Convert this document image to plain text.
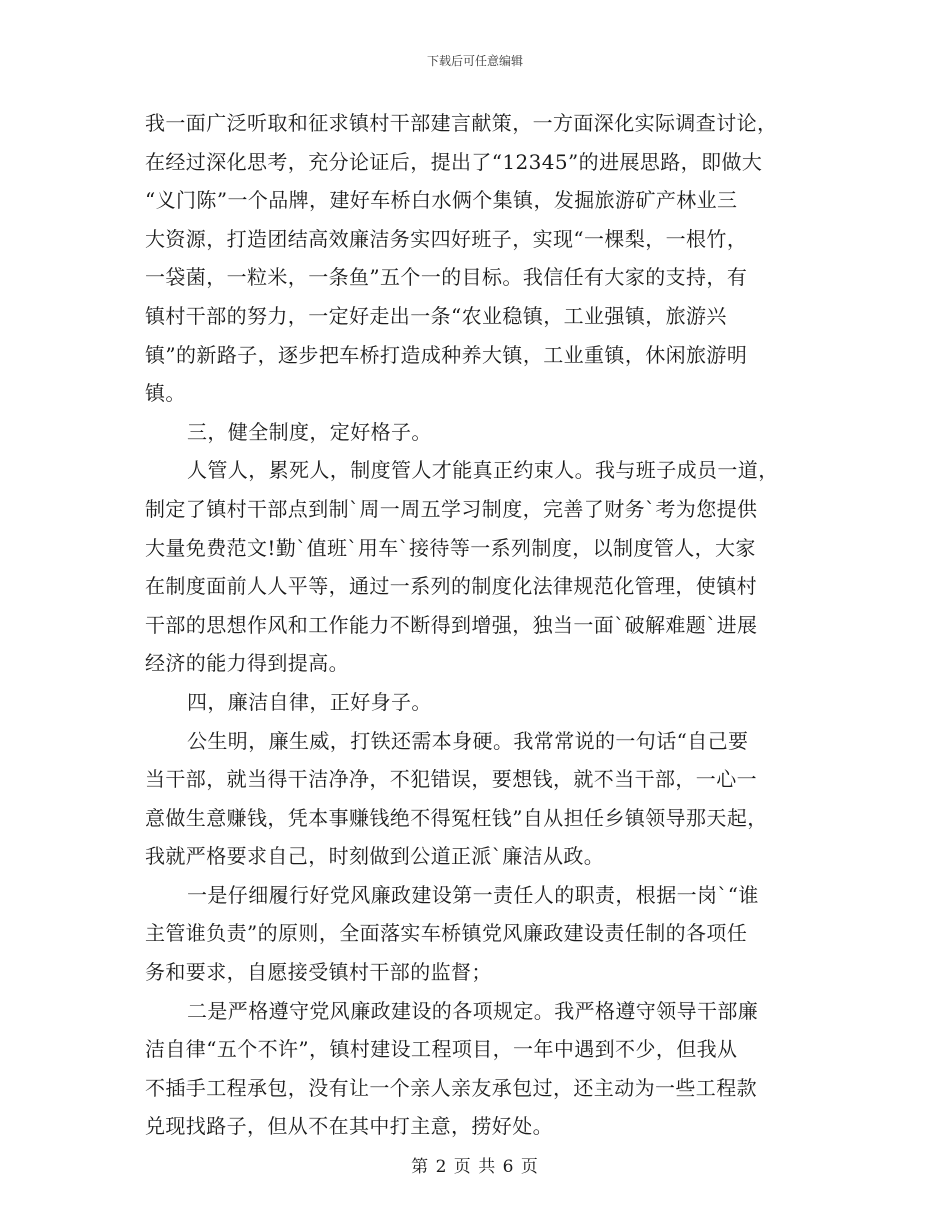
下载后可任意编辑
我一面广泛听取和征求镇村干部建言献策，一方面深化实际调查讨论，
在经过深化思考，充分论证后，提出了“12345”的进展思路，即做大
“义门陈”一个品牌，建好车桥白水俩个集镇，发掘旅游矿产林业三
大资源，打造团结高效廉洁务实四好班子，实现“一棵梨，一根竹，
一袋菌，一粒米，一条鱼”五个一的目标。我信任有大家的支持，有
镇村干部的努力，一定好走出一条“农业稳镇，工业强镇，旅游兴
镇”的新路子，逐步把车桥打造成种养大镇，工业重镇，休闲旅游明
镇。
三，健全制度，定好格子。
人管人，累死人，制度管人才能真正约束人。我与班子成员一道，
制定了镇村干部点到制`周一周五学习制度，完善了财务`考为您提供
大量免费范文!勤`值班`用车`接待等一系列制度，以制度管人，大家
在制度面前人人平等，通过一系列的制度化法律规范化管理，使镇村
干部的思想作风和工作能力不断得到增强，独当一面`破解难题`进展
经济的能力得到提高。
四，廉洁自律，正好身子。
公生明，廉生威，打铁还需本身硬。我常常说的一句话“自己要
当干部，就当得干洁净净，不犯错误，要想钱，就不当干部，一心一
意做生意赚钱，凭本事赚钱绝不得冤枉钱”自从担任乡镇领导那天起，
我就严格要求自己，时刻做到公道正派`廉洁从政。
一是仔细履行好党风廉政建设第一责任人的职责，根据一岗`“谁
主管谁负责”的原则，全面落实车桥镇党风廉政建设责任制的各项任
务和要求，自愿接受镇村干部的监督；
二是严格遵守党风廉政建设的各项规定。我严格遵守领导干部廉
洁自律“五个不许”，镇村建设工程项目，一年中遇到不少，但我从
不插手工程承包，没有让一个亲人亲友承包过，还主动为一些工程款
兑现找路子，但从不在其中打主意，捞好处。
第 2 页 共 6 页
